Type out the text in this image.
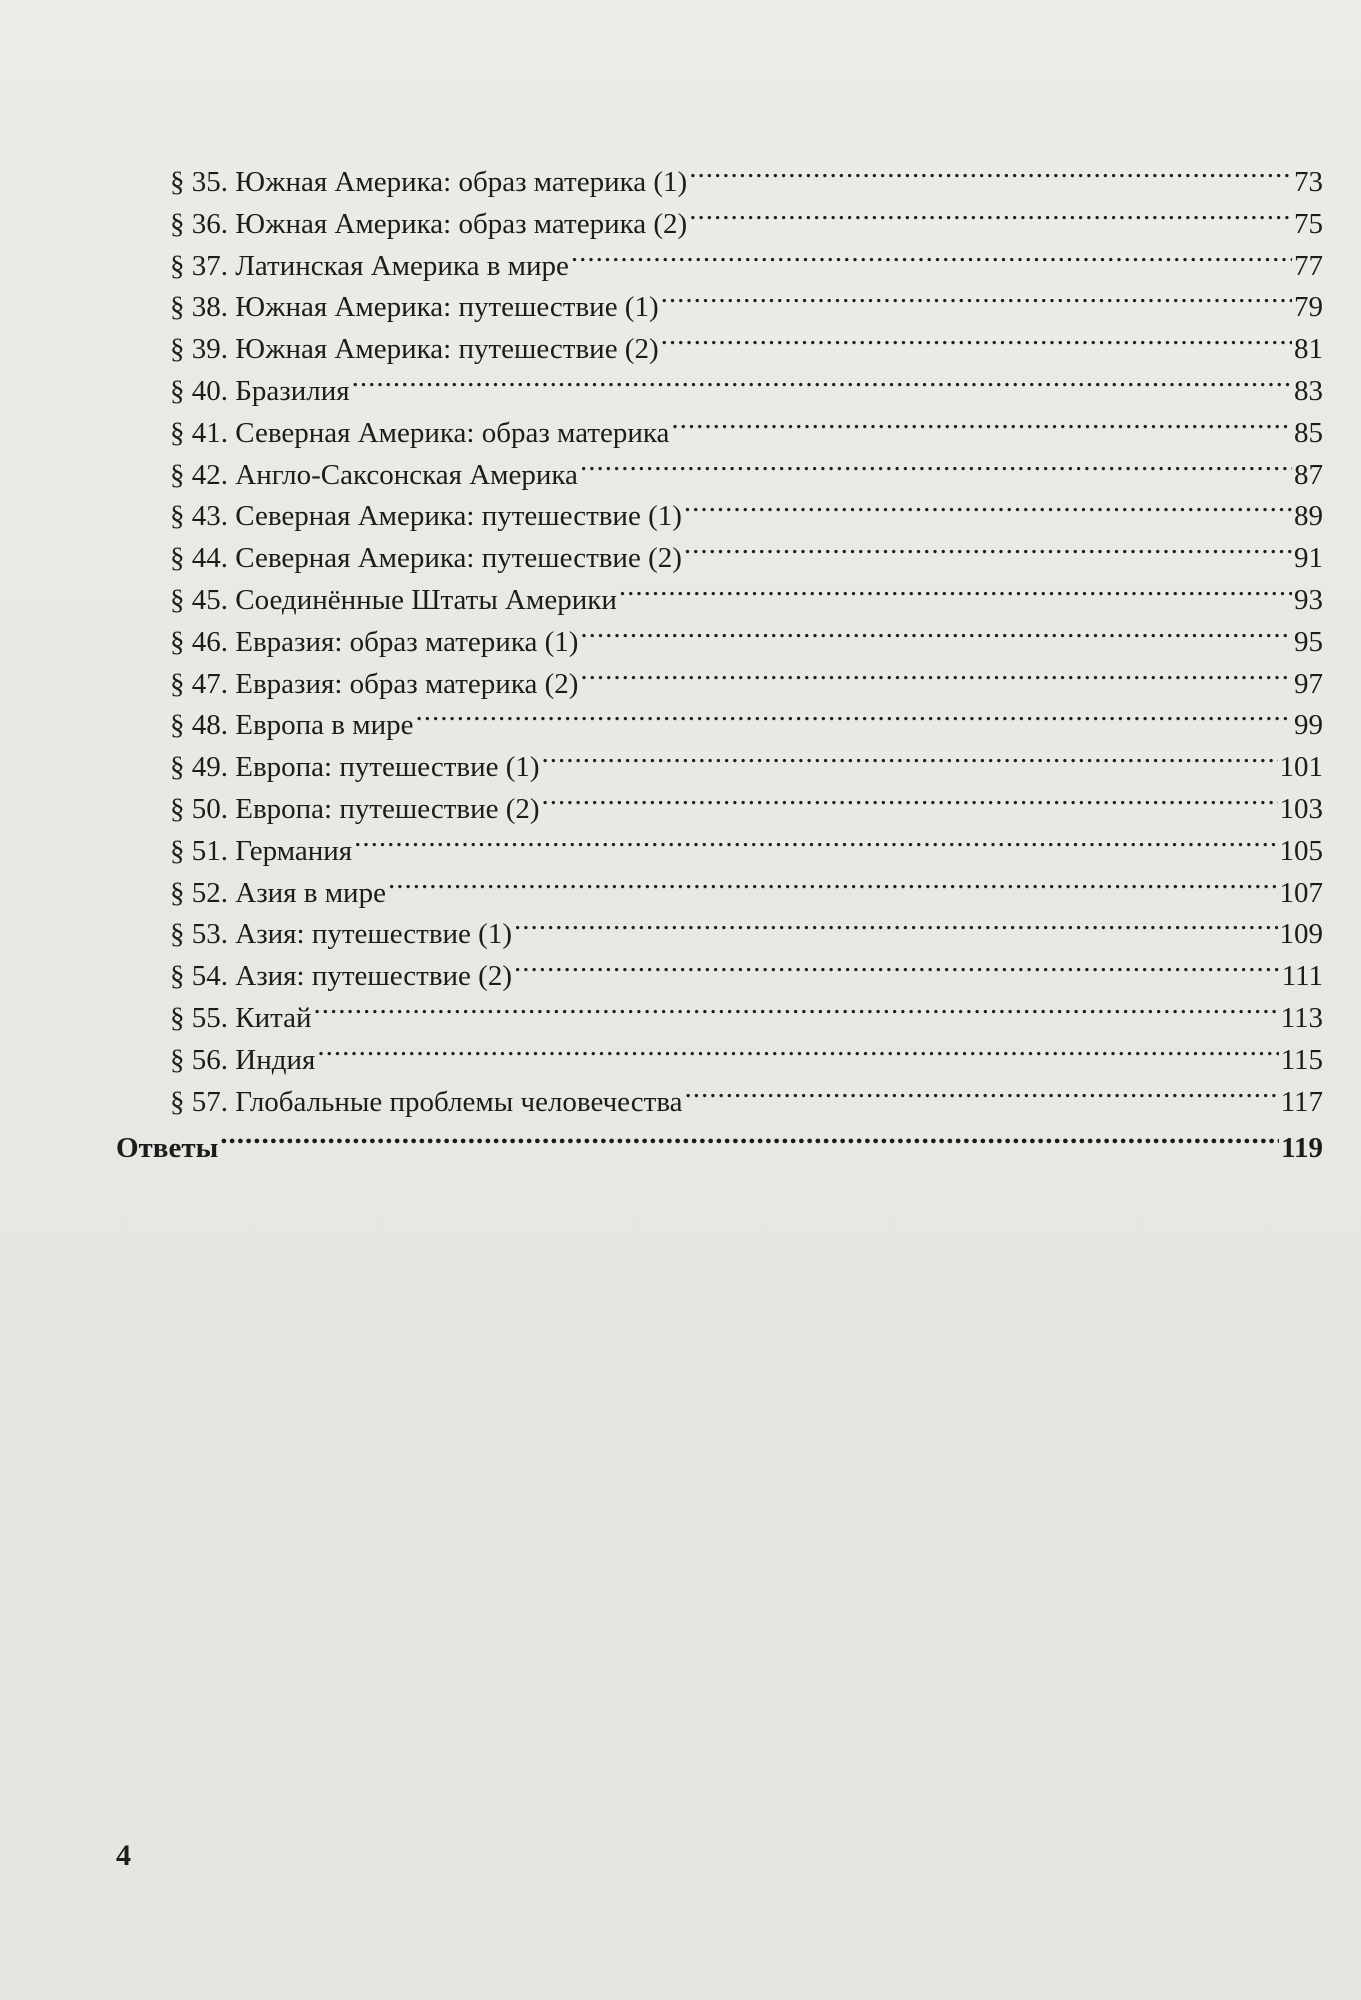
§ 35. Южная Америка: образ материка (1) .....	73
§ 36. Южная Америка: образ материка (2) .....	75
§ 37. Латинская Америка в мире .....	77
§ 38. Южная Америка: путешествие (1) .....	79
§ 39. Южная Америка: путешествие (2) .....	81
§ 40. Бразилия .....	83
§ 41. Северная Америка: образ материка .....	85
§ 42. Англо-Саксонская Америка .....	87
§ 43. Северная Америка: путешествие (1) .....	89
§ 44. Северная Америка: путешествие (2) .....	91
§ 45. Соединённые Штаты Америки .....	93
§ 46. Евразия: образ материка (1) .....	95
§ 47. Евразия: образ материка (2) .....	97
§ 48. Европа в мире .....	99
§ 49. Европа: путешествие (1) .....	101
§ 50. Европа: путешествие (2) .....	103
§ 51. Германия .....	105
§ 52. Азия в мире .....	107
§ 53. Азия: путешествие (1) .....	109
§ 54. Азия: путешествие (2) .....	111
§ 55. Китай .....	113
§ 56. Индия .....	115
§ 57. Глобальные проблемы человечества .....	117
Ответы .....	119
4
